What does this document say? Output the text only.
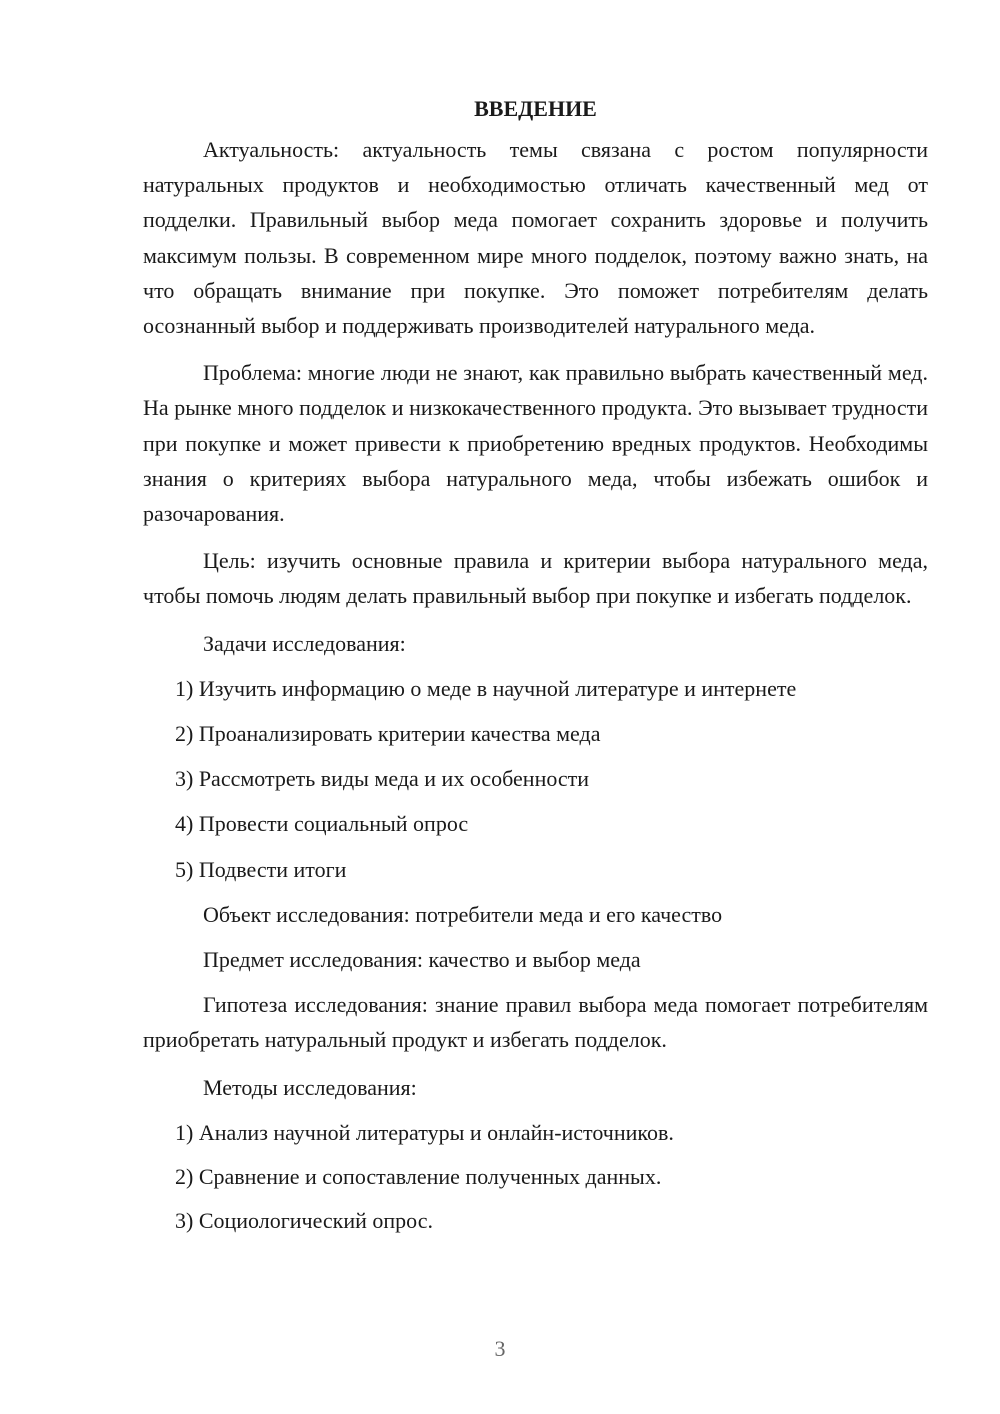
ВВЕДЕНИЕ

Актуальность: актуальность темы связана с ростом популярности натуральных продуктов и необходимостью отличать качественный мед от подделки. Правильный выбор меда помогает сохранить здоровье и получить максимум пользы. В современном мире много подделок, поэтому важно знать, на что обращать внимание при покупке. Это поможет потребителям делать осознанный выбор и поддерживать производителей натурального меда.

Проблема: многие люди не знают, как правильно выбрать качественный мед. На рынке много подделок и низкокачественного продукта. Это вызывает трудности при покупке и может привести к приобретению вредных продуктов. Необходимы знания о критериях выбора натурального меда, чтобы избежать ошибок и разочарования.

Цель: изучить основные правила и критерии выбора натурального меда, чтобы помочь людям делать правильный выбор при покупке и избегать подделок.

Задачи исследования:

1) Изучить информацию о меде в научной литературе и интернете
2) Проанализировать критерии качества меда
3) Рассмотреть виды меда и их особенности
4) Провести социальный опрос
5) Подвести итоги

Объект исследования: потребители меда и его качество

Предмет исследования: качество и выбор меда

Гипотеза исследования: знание правил выбора меда помогает потребителям приобретать натуральный продукт и избегать подделок.

Методы исследования:

1) Анализ научной литературы и онлайн-источников.
2) Сравнение и сопоставление полученных данных.
3) Социологический опрос.
3
